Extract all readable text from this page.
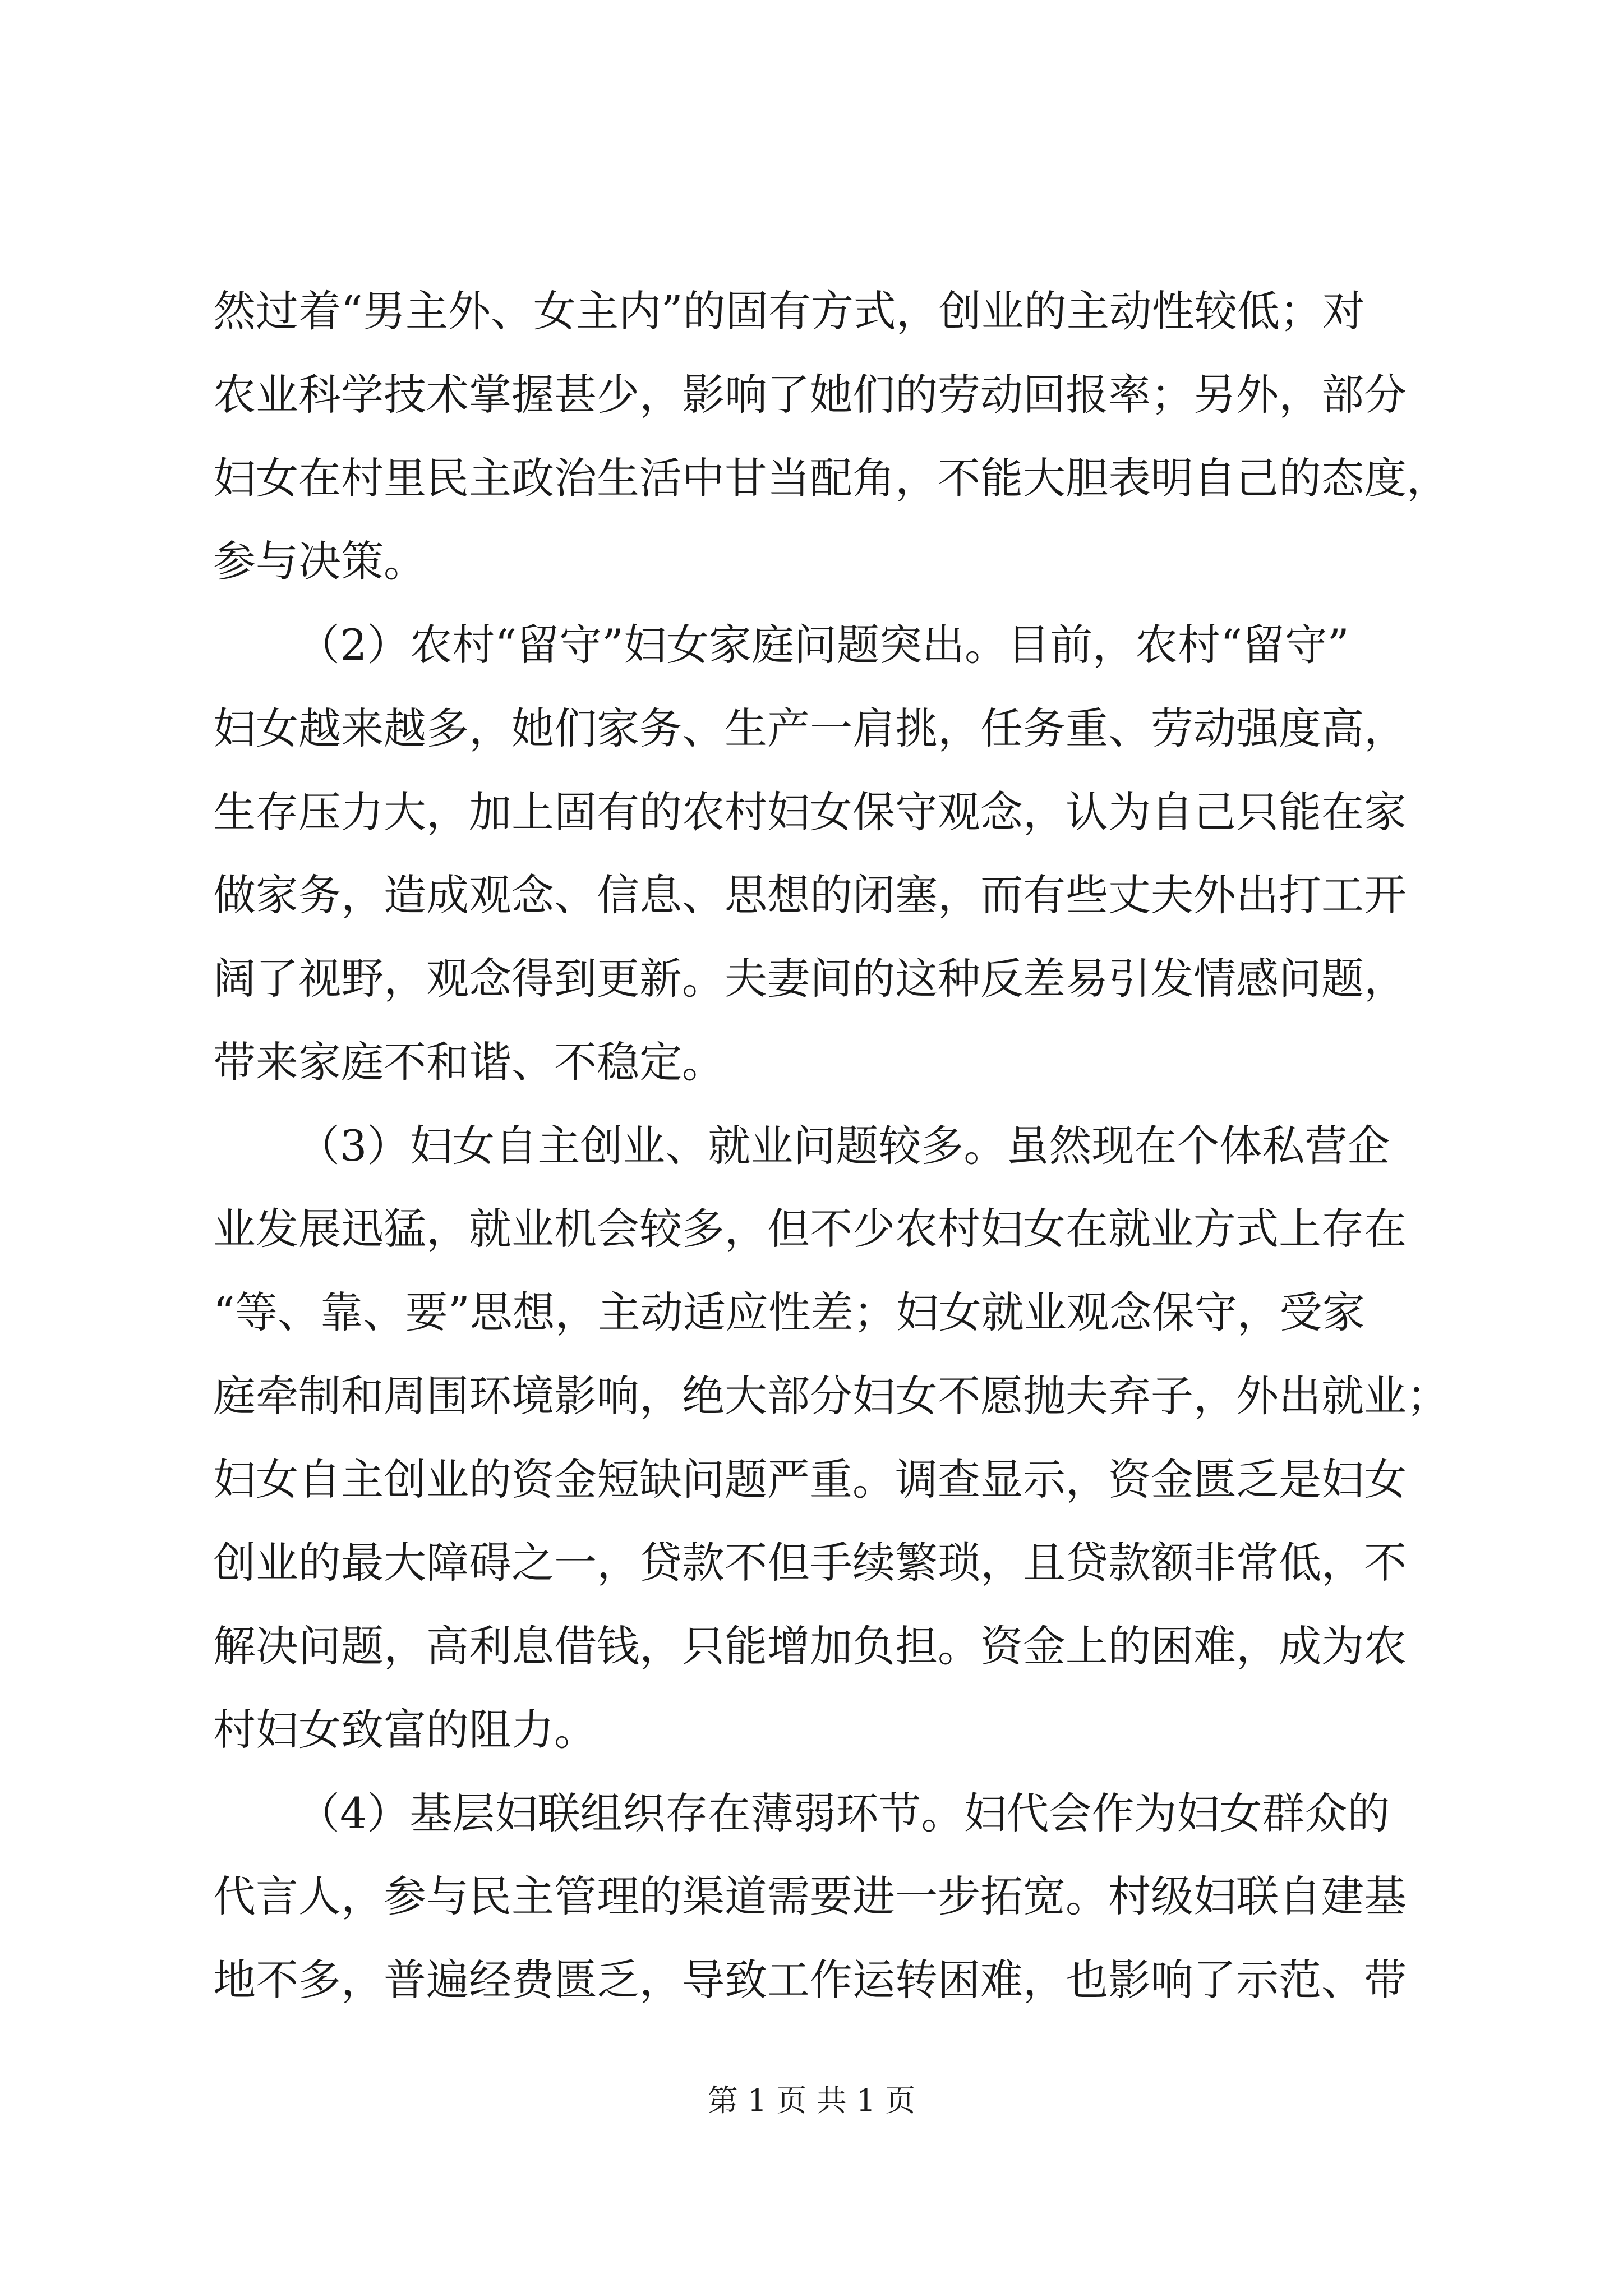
然过着“男主外、女主内”的固有方式，创业的主动性较低；对
农业科学技术掌握甚少，影响了她们的劳动回报率；另外，部分
妇女在村里民主政治生活中甘当配角，不能大胆表明自己的态度，
参与决策。
（2）农村“留守”妇女家庭问题突出。目前，农村“留守”
妇女越来越多，她们家务、生产一肩挑，任务重、劳动强度高，
生存压力大，加上固有的农村妇女保守观念，认为自己只能在家
做家务，造成观念、信息、思想的闭塞，而有些丈夫外出打工开
阔了视野，观念得到更新。夫妻间的这种反差易引发情感问题，
带来家庭不和谐、不稳定。
（3）妇女自主创业、就业问题较多。虽然现在个体私营企
业发展迅猛，就业机会较多，但不少农村妇女在就业方式上存在
“等、靠、要”思想，主动适应性差；妇女就业观念保守，受家
庭牵制和周围环境影响，绝大部分妇女不愿抛夫弃子，外出就业；
妇女自主创业的资金短缺问题严重。调查显示，资金匮乏是妇女
创业的最大障碍之一，贷款不但手续繁琐，且贷款额非常低，不
解决问题，高利息借钱，只能增加负担。资金上的困难，成为农
村妇女致富的阻力。
（4）基层妇联组织存在薄弱环节。妇代会作为妇女群众的
代言人，参与民主管理的渠道需要进一步拓宽。村级妇联自建基
地不多，普遍经费匮乏，导致工作运转困难，也影响了示范、带
第 1 页 共 1 页
